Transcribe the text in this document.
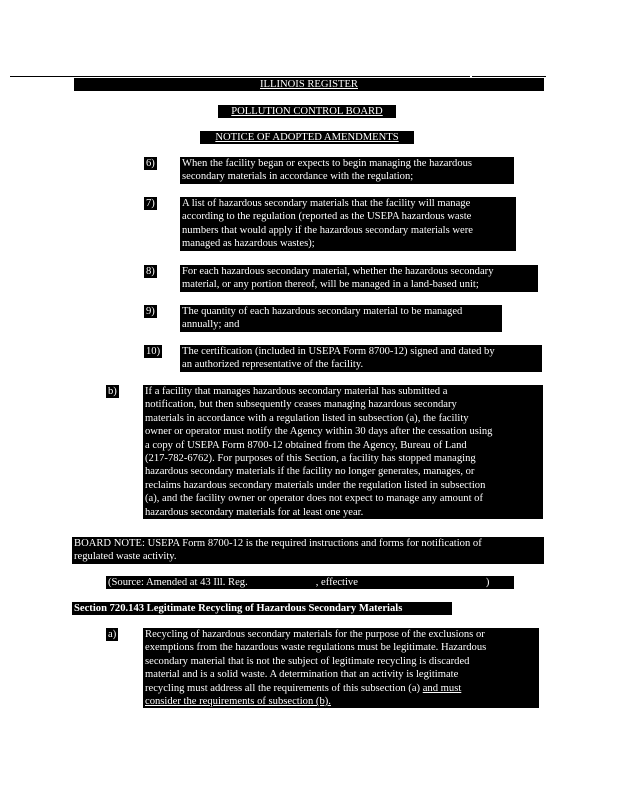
ILLINOIS REGISTER
POLLUTION CONTROL BOARD
NOTICE OF ADOPTED AMENDMENTS
6)	When the facility began or expects to begin managing the hazardous
secondary materials in accordance with the regulation;
7)	A list of hazardous secondary materials that the facility will manage
according to the regulation (reported as the USEPA hazardous waste
numbers that would apply if the hazardous secondary materials were
managed as hazardous wastes);
8)	For each hazardous secondary material, whether the hazardous secondary
material, or any portion thereof, will be managed in a land-based unit;
9)	The quantity of each hazardous secondary material to be managed
annually; and
10) The certification (included in USEPA Form 8700-12) signed and dated by
an authorized representative of the facility.
b)	If a facility that manages hazardous secondary material has submitted a
notification, but then subsequently ceases managing hazardous secondary
materials in accordance with a regulation listed in subsection (a), the facility
owner or operator must notify the Agency within 30 days after the cessation using
a copy of USEPA Form 8700-12 obtained from the Agency, Bureau of Land
(217-782-6762). For purposes of this Section, a facility has stopped managing
hazardous secondary materials if the facility no longer generates, manages, or
reclaims hazardous secondary materials under the regulation listed in subsection
(a), and the facility owner or operator does not expect to manage any amount of
hazardous secondary materials for at least one year.
BOARD NOTE: USEPA Form 8700-12 is the required instructions and forms for notification of
regulated waste activity.
(Source: Amended at 43 Ill. Reg.	, effective	)
Section 720.143 Legitimate Recycling of Hazardous Secondary Materials
a)	Recycling of hazardous secondary materials for the purpose of the exclusions or
exemptions from the hazardous waste regulations must be legitimate. Hazardous
secondary material that is not the subject of legitimate recycling is discarded
material and is a solid waste. A determination that an activity is legitimate
recycling must address all the requirements of this subsection (a) and must
consider the requirements of subsection (b).
